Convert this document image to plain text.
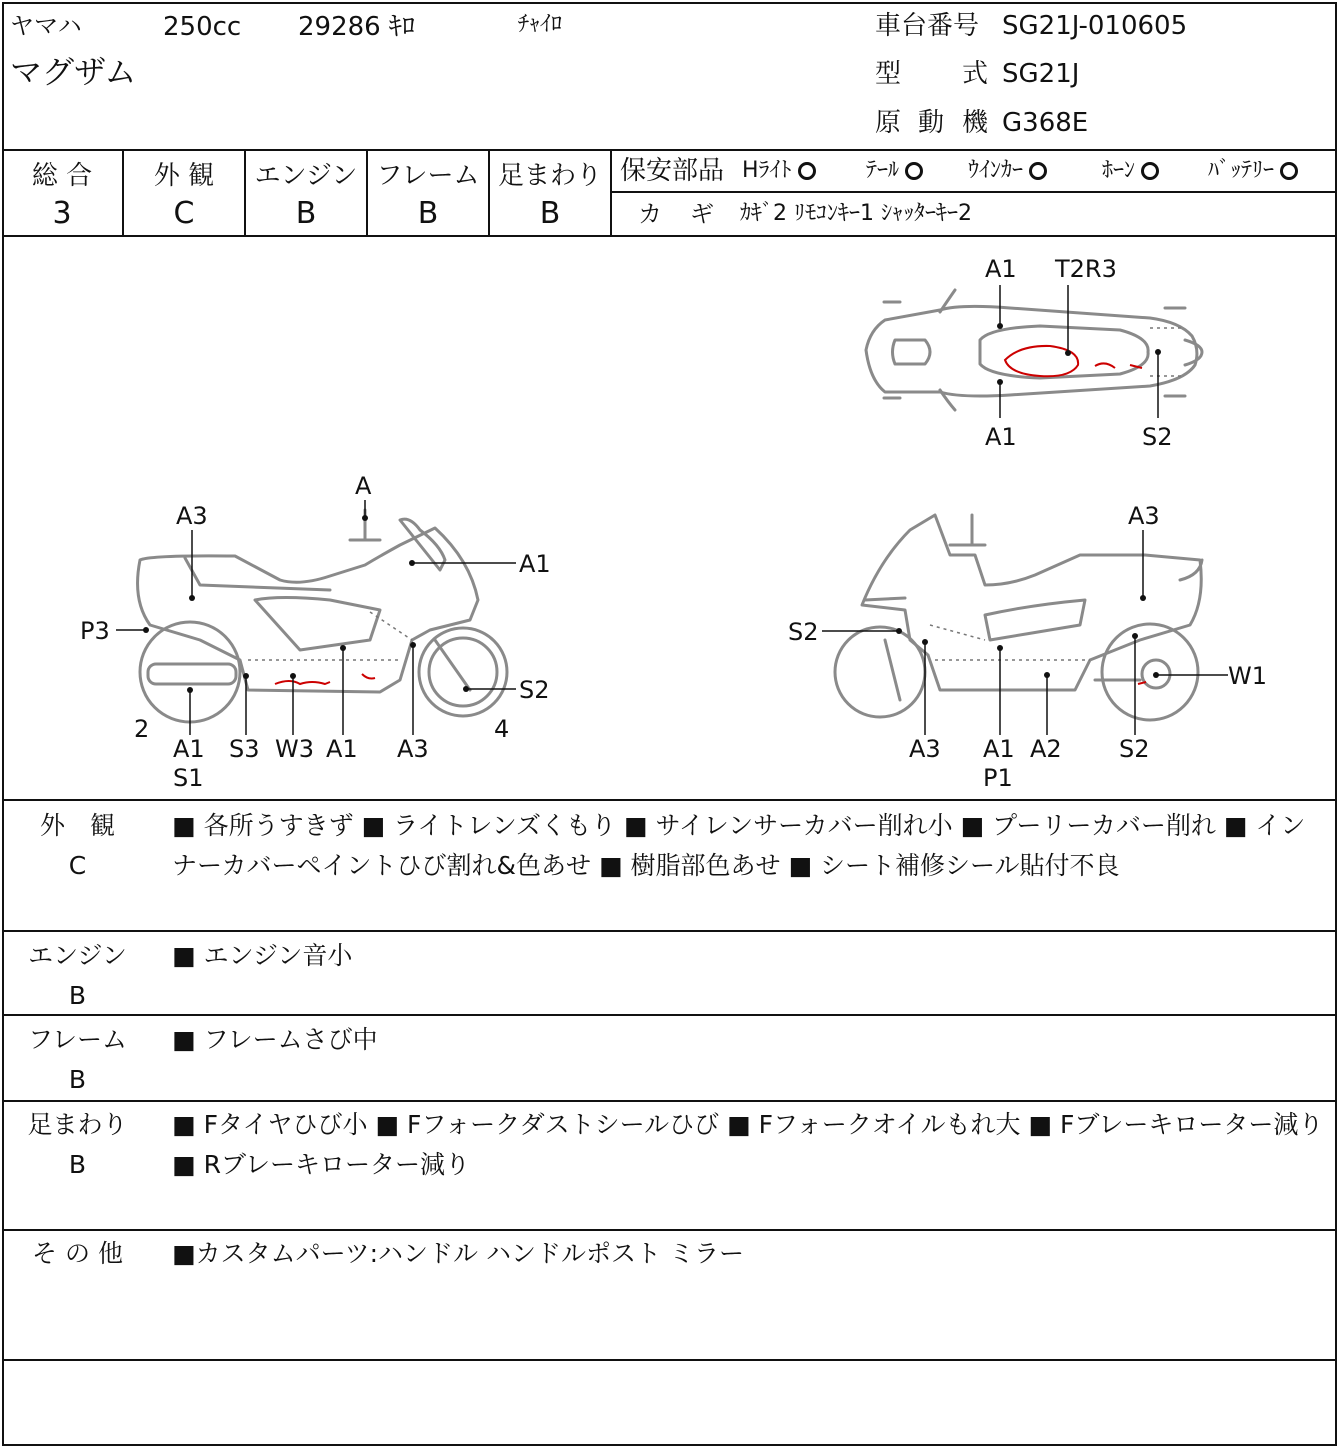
ヤマハ	250cc 29286 ｷﾛ	ﾁｬｲﾛ
マグザム
車台番号 SG21J-010605
型 式 SG21J
原 動 機 G368E
総 合
3
外 観
C
エンジン
B
フレーム
B
足まわり
B
保安部品 Hﾗｲﾄ	ﾃｰﾙ	ｳｲﾝｶｰ	ﾎｰﾝ	ﾊﾞｯﾃﾘｰ
カ ギ ｶｷﾞ2 ﾘﾓｺﾝｷｰ1 ｼｬｯﾀｰｷｰ2
A1 T2R3
A1	S2
A
A3
A1
P3
S2
2	4
A1
S1
S3 W3 A1 A3
A3
S2
W1
A3 A1
P1
A2 S2
外　観
C
■ 各所うすきず ■ ライトレンズくもり ■ サイレンサーカバー削れ小 ■ プーリーカバー削れ ■ インナーカバーペイントひび割れ&色あせ ■ 樹脂部色あせ ■ シート補修シール貼付不良
エンジン
B
■ エンジン音小
フレーム
B
■ フレームさび中
足まわり
B
■ Fタイヤひび小 ■ Fフォークダストシールひび ■ Fフォークオイルもれ大 ■ Fブレーキローター減り ■ Rブレーキローター減り
そ の 他	■カスタムパーツ:ハンドル ハンドルポスト ミラー
